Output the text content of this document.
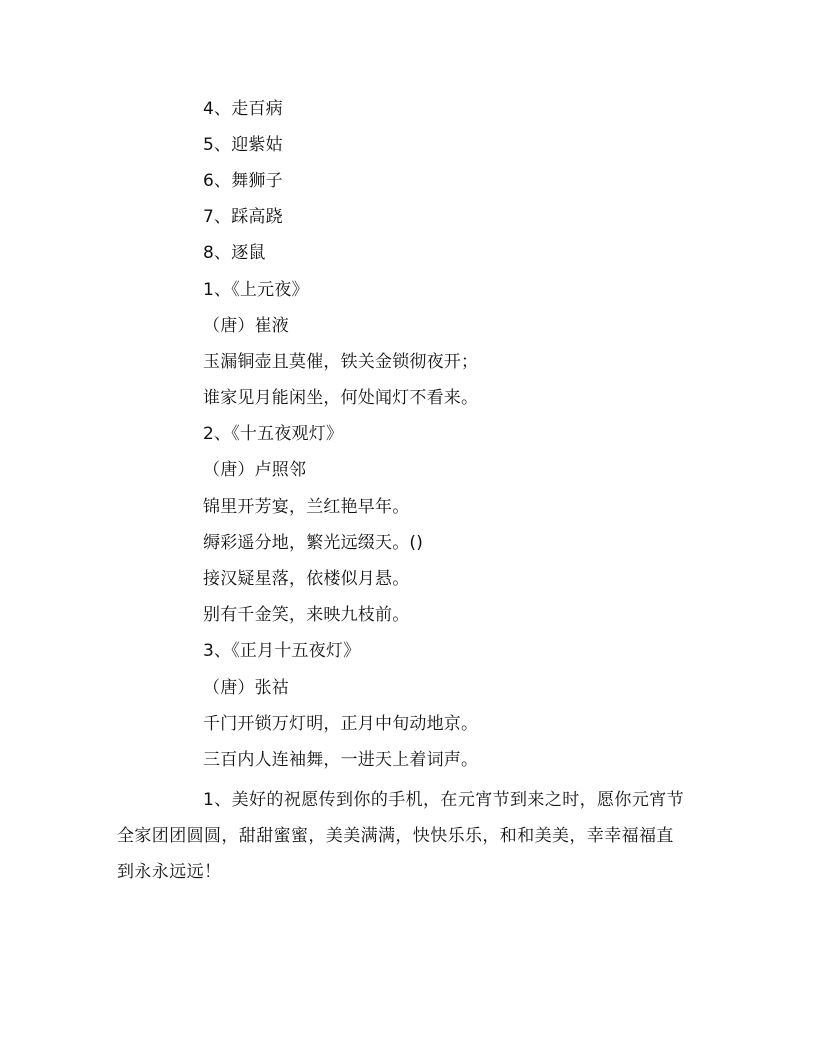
4、走百病
5、迎紫姑
6、舞狮子
7、踩高跷
8、逐鼠
1、《上元夜》
（唐）崔液
玉漏铜壶且莫催，铁关金锁彻夜开；
谁家见月能闲坐，何处闻灯不看来。
2、《十五夜观灯》
（唐）卢照邻
锦里开芳宴，兰红艳早年。
缛彩遥分地，繁光远缀天。()
接汉疑星落，依楼似月悬。
别有千金笑，来映九枝前。
3、《正月十五夜灯》
（唐）张祜
千门开锁万灯明，正月中旬动地京。
三百内人连袖舞，一进天上着词声。
1、美好的祝愿传到你的手机，在元宵节到来之时，愿你元宵节全家团团圆圆，甜甜蜜蜜，美美满满，快快乐乐，和和美美，幸幸福福直到永永远远！
